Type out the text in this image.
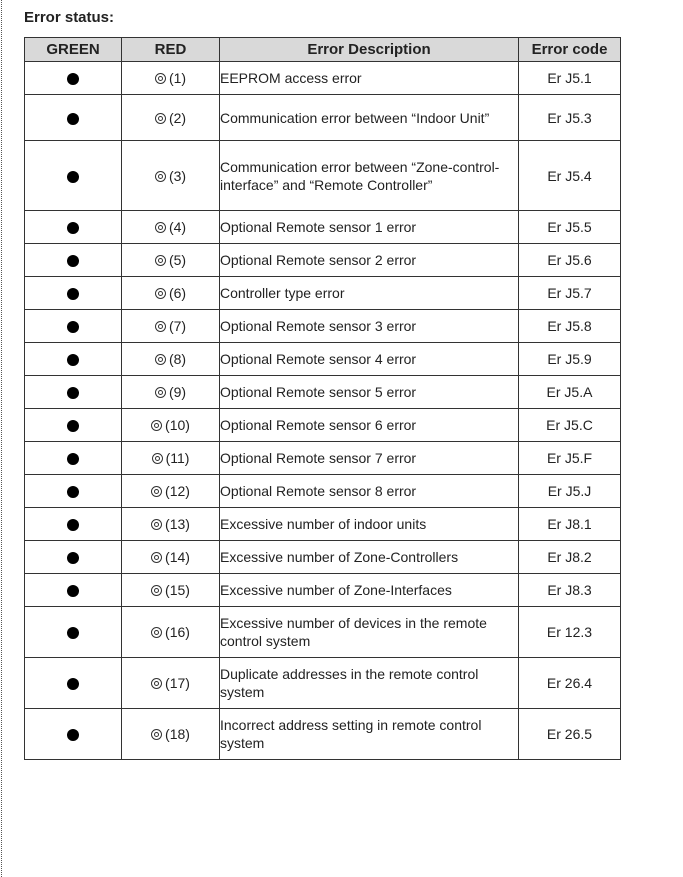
Error status:
GREEN	RED	Error Description	Error code
	(1)	EEPROM access error	Er J5.1
	(2)	Communication error between “Indoor Unit”	Er J5.3
	(3)	Communication error between “Zone-control-interface” and “Remote Controller”	Er J5.4
	(4)	Optional Remote sensor 1 error	Er J5.5
	(5)	Optional Remote sensor 2 error	Er J5.6
	(6)	Controller type error	Er J5.7
	(7)	Optional Remote sensor 3 error	Er J5.8
	(8)	Optional Remote sensor 4 error	Er J5.9
	(9)	Optional Remote sensor 5 error	Er J5.A
	(10)	Optional Remote sensor 6 error	Er J5.C
	(11)	Optional Remote sensor 7 error	Er J5.F
	(12)	Optional Remote sensor 8 error	Er J5.J
	(13)	Excessive number of indoor units	Er J8.1
	(14)	Excessive number of Zone-Controllers	Er J8.2
	(15)	Excessive number of Zone-Interfaces	Er J8.3
	(16)	Excessive number of devices in the remote control system	Er 12.3
	(17)	Duplicate addresses in the remote control system	Er 26.4
	(18)	Incorrect address setting in remote control system	Er 26.5
